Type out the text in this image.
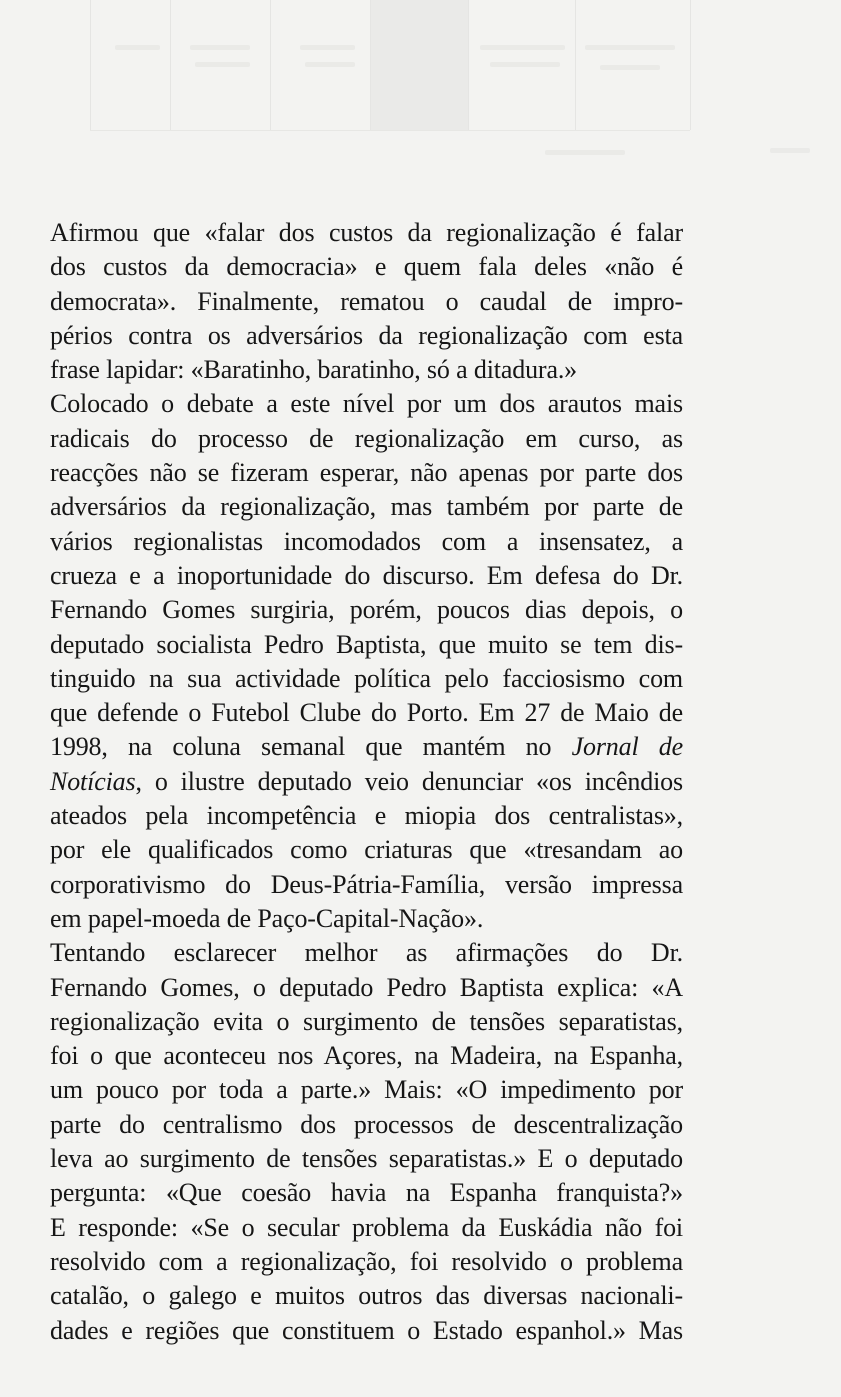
Afirmou que «falar dos custos da regionalização é falar
dos custos da democracia» e quem fala deles «não é
democrata». Finalmente, rematou o caudal de impro-
périos contra os adversários da regionalização com esta
frase lapidar: «Baratinho, baratinho, só a ditadura.»
Colocado o debate a este nível por um dos arautos mais
radicais do processo de regionalização em curso, as
reacções não se fizeram esperar, não apenas por parte dos
adversários da regionalização, mas também por parte de
vários regionalistas incomodados com a insensatez, a
crueza e a inoportunidade do discurso. Em defesa do Dr.
Fernando Gomes surgiria, porém, poucos dias depois, o
deputado socialista Pedro Baptista, que muito se tem dis-
tinguido na sua actividade política pelo facciosismo com
que defende o Futebol Clube do Porto. Em 27 de Maio de
1998, na coluna semanal que mantém no Jornal de
Notícias, o ilustre deputado veio denunciar «os incêndios
ateados pela incompetência e miopia dos centralistas»,
por ele qualificados como criaturas que «tresandam ao
corporativismo do Deus-Pátria-Família, versão impressa
em papel-moeda de Paço-Capital-Nação».
Tentando esclarecer melhor as afirmações do Dr.
Fernando Gomes, o deputado Pedro Baptista explica: «A
regionalização evita o surgimento de tensões separatistas,
foi o que aconteceu nos Açores, na Madeira, na Espanha,
um pouco por toda a parte.» Mais: «O impedimento por
parte do centralismo dos processos de descentralização
leva ao surgimento de tensões separatistas.» E o deputado
pergunta: «Que coesão havia na Espanha franquista?»
E responde: «Se o secular problema da Euskádia não foi
resolvido com a regionalização, foi resolvido o problema
catalão, o galego e muitos outros das diversas nacionali-
dades e regiões que constituem o Estado espanhol.» Mas
